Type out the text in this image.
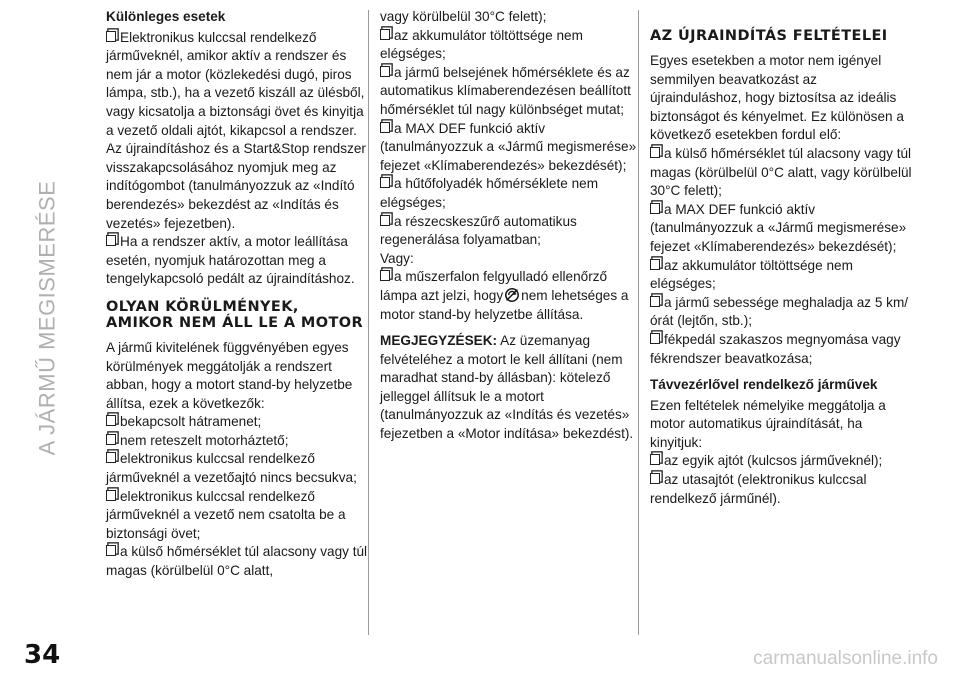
A JÁRMŰ MEGISMERÉSE

Különleges esetek

Elektronikus kulccsal rendelkező járműveknél, amikor aktív a rendszer és nem jár a motor (közlekedési dugó, piros lámpa, stb.), ha a vezető kiszáll az ülésből, vagy kicsatolja a biztonsági övet és kinyitja a vezető oldali ajtót, kikapcsol a rendszer. Az újraindításhoz és a Start&Stop rendszer visszakapcsolásához nyomjuk meg az indítógombot (tanulmányozzuk az «Indító berendezés» bekezdést az «Indítás és vezetés» fejezetben).

Ha a rendszer aktív, a motor leállítása esetén, nyomjuk határozottan meg a tengelykapcsoló pedált az újraindításhoz.

OLYAN KÖRÜLMÉNYEK, AMIKOR NEM ÁLL LE A MOTOR

A jármű kivitelének függvényében egyes körülmények meggátolják a rendszert abban, hogy a motort stand-by helyzetbe állítsa, ezek a következők:

bekapcsolt hátramenet;

nem reteszelt motorháztető;

elektronikus kulccsal rendelkező járműveknél a vezetőajtó nincs becsukva;

elektronikus kulccsal rendelkező járműveknél a vezető nem csatolta be a biztonsági övet;

a külső hőmérséklet túl alacsony vagy túl magas (körülbelül 0°C alatt,

vagy körülbelül 30°C felett);

az akkumulátor töltöttsége nem elégséges;

a jármű belsejének hőmérséklete és az automatikus klímaberendezésen beállított hőmérséklet túl nagy különbséget mutat;

a MAX DEF funkció aktív (tanulmányozzuk a «Jármű megismerése» fejezet «Klímaberendezés» bekezdését);

a hűtőfolyadék hőmérséklete nem elégséges;

a részecskeszűrő automatikus regenerálása folyamatban;

Vagy:

a műszerfalon felgyulladó ellenőrző lámpa azt jelzi, hogy nem lehetséges a motor stand-by helyzetbe állítása.

MEGJEGYZÉSEK: Az üzemanyag felvételéhez a motort le kell állítani (nem maradhat stand-by állásban): kötelező jelleggel állítsuk le a motort (tanulmányozzuk az «Indítás és vezetés» fejezetben a «Motor indítása» bekezdést).

AZ ÚJRAINDÍTÁS FELTÉTELEI

Egyes esetekben a motor nem igényel semmilyen beavatkozást az újrainduláshoz, hogy biztosítsa az ideális biztonságot és kényelmet. Ez különösen a következő esetekben fordul elő:

a külső hőmérséklet túl alacsony vagy túl magas (körülbelül 0°C alatt, vagy körülbelül 30°C felett);

a MAX DEF funkció aktív (tanulmányozzuk a «Jármű megismerése» fejezet «Klímaberendezés» bekezdését);

az akkumulátor töltöttsége nem elégséges;

a jármű sebessége meghaladja az 5 km/órát (lejtőn, stb.);

fékpedál szakaszos megnyomása vagy fékrendszer beavatkozása;

Távvezérlővel rendelkező járművek

Ezen feltételek némelyike meggátolja a motor automatikus újraindítását, ha kinyitjuk:

az egyik ajtót (kulcsos járműveknél);

az utasajtót (elektronikus kulccsal rendelkező járműnél).

34	carmanualsonline.info
